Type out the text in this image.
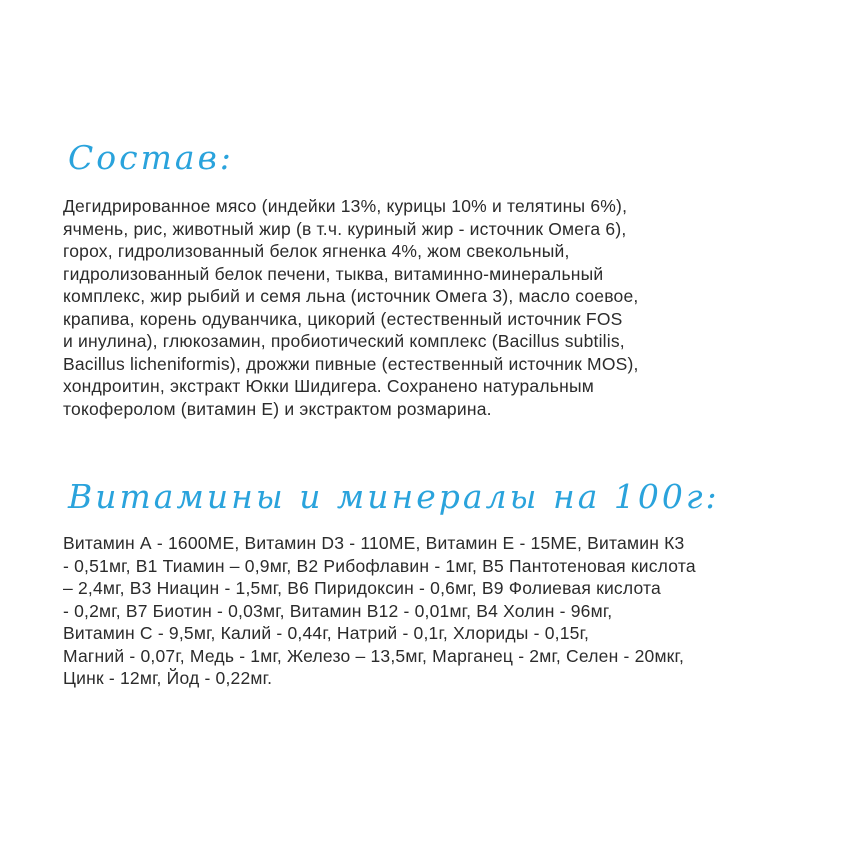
Состав:

Дегидрированное мясо (индейки 13%, курицы 10% и телятины 6%),
ячмень, рис, животный жир (в т.ч. куриный жир - источник Омега 6),
горох, гидролизованный белок ягненка 4%, жом свекольный,
гидролизованный белок печени, тыква, витаминно-минеральный
комплекс, жир рыбий и семя льна (источник Омега 3), масло соевое,
крапива, корень одуванчика, цикорий (естественный источник FOS
и инулина), глюкозамин, пробиотический комплекс (Bacillus subtilis,
Bacillus licheniformis), дрожжи пивные (естественный источник MOS),
хондроитин, экстракт Юкки Шидигера. Сохранено натуральным
токоферолом (витамин Е) и экстрактом розмарина.

Витамины и минералы на 100г:

Витамин А - 1600МЕ, Витамин D3 - 110МЕ, Витамин Е - 15МЕ, Витамин К3
- 0,51мг, В1 Тиамин – 0,9мг, В2 Рибофлавин - 1мг, В5 Пантотеновая кислота
– 2,4мг, В3 Ниацин - 1,5мг, В6 Пиридоксин - 0,6мг, В9 Фолиевая кислота
- 0,2мг, В7 Биотин - 0,03мг, Витамин В12 - 0,01мг, В4 Холин - 96мг,
Витамин С - 9,5мг, Калий - 0,44г, Натрий - 0,1г, Хлориды - 0,15г,
Магний - 0,07г, Медь - 1мг, Железо – 13,5мг, Марганец - 2мг, Селен - 20мкг,
Цинк - 12мг, Йод - 0,22мг.
